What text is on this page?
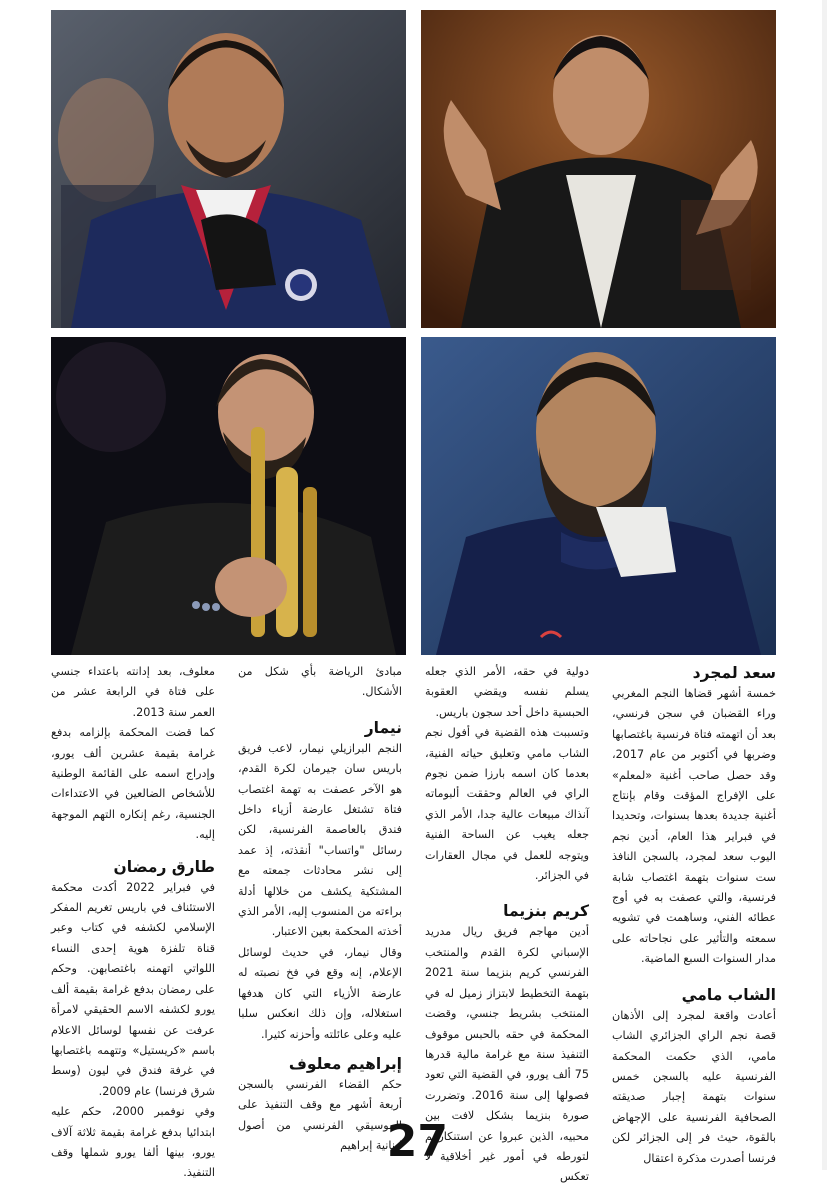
سعد لمجرد

خمسة أشهر قضاها النجم المغربي وراء القضبان في سجن فرنسي، بعد أن اتهمته فتاة فرنسية باغتصابها وضربها في أكتوبر من عام 2017، وقد حصل صاحب أغنية «لمعلم» على الإفراج المؤقت وقام بإنتاج أغنية جديدة بعدها بسنوات، وتحديدا في فبراير هذا العام، أدين نجم اليوب سعد لمجرد، بالسجن النافذ ست سنوات بتهمة اغتصاب شابة فرنسية، والتي عصفت به في أوج عطائه الفني، وساهمت في تشويه سمعته والتأثير على نجاحاته على مدار السنوات السبع الماضية.

الشاب مامي

أعادت واقعة لمجرد إلى الأذهان قصة نجم الراي الجزائري الشاب مامي، الذي حكمت المحكمة الفرنسية عليه بالسجن خمس سنوات بتهمة إجبار صديقته الصحافية الفرنسية على الإجهاض بالقوة، حيث فر إلى الجزائر لكن فرنسا أصدرت مذكرة اعتقال

دولية في حقه، الأمر الذي جعله يسلم نفسه ويقضي العقوبة الحبسية داخل أحد سجون باريس.

وتسببت هذه القضية في أفول نجم الشاب مامي وتعليق حياته الفنية، بعدما كان اسمه بارزا ضمن نجوم الراي في العالم وحققت ألبوماته آنذاك مبيعات عالية جدا، الأمر الذي جعله يغيب عن الساحة الفنية ويتوجه للعمل في مجال العقارات في الجزائر.

كريم بنزيما

أدين مهاجم فريق ريال مدريد الإسباني لكرة القدم والمنتخب الفرنسي كريم بنزيما سنة 2021 بتهمة التخطيط لابتزاز زميل له في المنتخب بشريط جنسي، وقضت المحكمة في حقه بالحبس موقوف التنفيذ سنة مع غرامة مالية قدرها 75 ألف يورو، في القضية التي تعود فصولها إلى سنة 2016. وتضررت صورة بنزيما بشكل لافت بين محبيه، الذين عبروا عن استنكارهم لتورطه في أمور غير أخلاقية لا تعكس

مبادئ الرياضة بأي شكل من الأشكال.

نيمار

النجم البرازيلي نيمار، لاعب فريق باريس سان جيرمان لكرة القدم، هو الآخر عصفت به تهمة اغتصاب فتاة تشتغل عارضة أزياء داخل فندق بالعاصمة الفرنسية، لكن رسائل "واتساب" أنقذته، إذ عمد إلى نشر محادثات جمعته مع المشتكية يكشف من خلالها أدلة براءته من المنسوب إليه، الأمر الذي أخذته المحكمة بعين الاعتبار.

وقال نيمار، في حديث لوسائل الإعلام، إنه وقع في فخ نصبته له عارضة الأزياء التي كان هدفها استغلاله، وإن ذلك انعكس سلبا عليه وعلى عائلته وأحزنه كثيرا.

إبراهيم معلوف

حكم القضاء الفرنسي بالسجن أربعة أشهر مع وقف التنفيذ على الموسيقي الفرنسي من أصول لبنانية إبراهيم

معلوف، بعد إدانته باعتداء جنسي على فتاة في الرابعة عشر من العمر سنة 2013.

كما قضت المحكمة بإلزامه بدفع غرامة بقيمة عشرين ألف يورو، وإدراج اسمه على القائمة الوطنية للأشخاص الضالعين في الاعتداءات الجنسية، رغم إنكاره التهم الموجهة إليه.

طارق رمضان

في فبراير 2022 أكدت محكمة الاستئناف في باريس تغريم المفكر الإسلامي لكشفه في كتاب وعبر قناة تلفزة هوية إحدى النساء اللواتي اتهمنه باغتصابهن. وحكم على رمضان بدفع غرامة بقيمة ألف يورو لكشفه الاسم الحقيقي لامرأة عرفت عن نفسها لوسائل الاعلام باسم «كريستيل» وتتهمه باغتصابها في غرفة فندق في ليون (وسط شرق فرنسا) عام 2009.

وفي نوفمبر 2000، حكم عليه ابتدائيا بدفع غرامة بقيمة ثلاثة آلاف يورو، بينها ألفا يورو شملها وقف التنفيذ.

27
